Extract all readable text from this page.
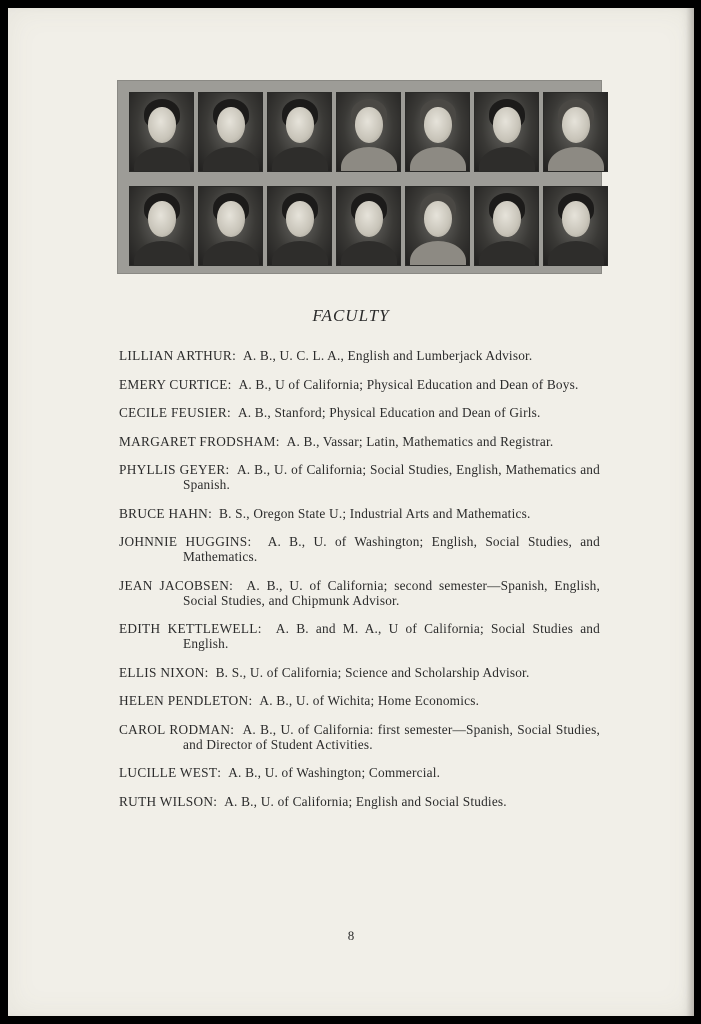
FACULTY
LILLIAN ARTHUR:  A. B., U. C. L. A., English and Lumberjack Advisor.
EMERY CURTICE:  A. B., U of California; Physical Education and Dean of Boys.
CECILE FEUSIER:  A. B., Stanford; Physical Education and Dean of Girls.
MARGARET FRODSHAM:  A. B., Vassar; Latin, Mathematics and Registrar.
PHYLLIS GEYER:  A. B., U. of California; Social Studies, English, Mathematics and Spanish.
BRUCE HAHN:  B. S., Oregon State U.; Industrial Arts and Mathematics.
JOHNNIE HUGGINS:  A. B., U. of Washington; English, Social Studies, and Mathematics.
JEAN JACOBSEN:  A. B., U. of California; second semester—Spanish, English, Social Studies, and Chipmunk Advisor.
EDITH KETTLEWELL:  A. B. and M. A., U of California; Social Studies and English.
ELLIS NIXON:  B. S., U. of California; Science and Scholarship Advisor.
HELEN PENDLETON:  A. B., U. of Wichita; Home Economics.
CAROL RODMAN:  A. B., U. of California: first semester—Spanish, Social Studies, and Director of Student Activities.
LUCILLE WEST:  A. B., U. of Washington; Commercial.
RUTH WILSON:  A. B., U. of California; English and Social Studies.
8
